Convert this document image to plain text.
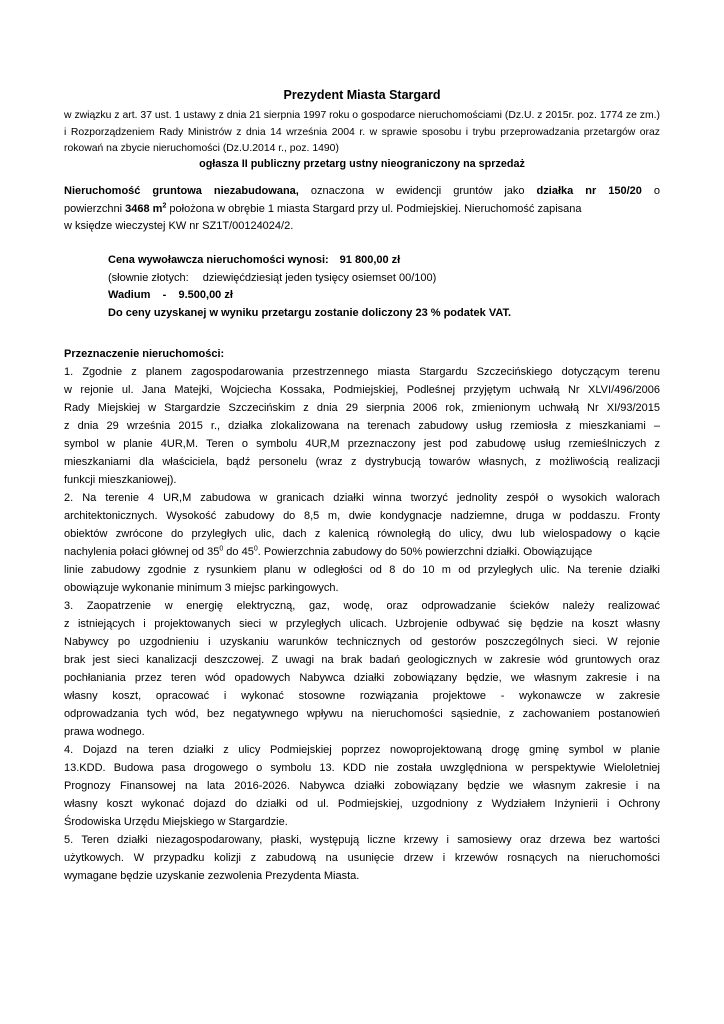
Prezydent Miasta Stargard
w związku z art. 37 ust. 1 ustawy z dnia 21 sierpnia 1997 roku o gospodarce nieruchomościami (Dz.U. z 2015r. poz. 1774 ze zm.) i Rozporządzeniem Rady Ministrów z dnia 14 września 2004 r. w sprawie sposobu i trybu przeprowadzania przetargów oraz rokowań na zbycie nieruchomości (Dz.U.2014 r., poz. 1490)
ogłasza II publiczny przetarg ustny nieograniczony na sprzedaż
Nieruchomość gruntowa niezabudowana, oznaczona w ewidencji gruntów jako działka nr 150/20 o
powierzchni 3468 $m^2$ położona w obrębie 1 miasta Stargard przy ul. Podmiejskiej. Nieruchomość zapisana
w księdze wieczystej KW nr SZ1T/00124024/2.
Cena wywoławcza nieruchomości wynosi: 91 800,00 zł
(słownie złotych: dziewięćdziesiąt jeden tysięcy osiemset 00/100)
Wadium    -    9.500,00 zł
Do ceny uzyskanej w wyniku przetargu zostanie doliczony 23 % podatek VAT.
Przeznaczenie nieruchomości:
1. Zgodnie z planem zagospodarowania przestrzennego miasta Stargardu Szczecińskiego dotyczącym terenu
w rejonie ul. Jana Matejki, Wojciecha Kossaka, Podmiejskiej, Podleśnej przyjętym uchwałą Nr XLVI/496/2006
Rady Miejskiej w Stargardzie Szczecińskim z dnia 29 sierpnia 2006 rok, zmienionym uchwałą Nr XI/93/2015
z dnia 29 września 2015 r., działka zlokalizowana na terenach zabudowy usług rzemiosła z mieszkaniami –
symbol w planie 4UR,M. Teren o symbolu 4UR,M przeznaczony jest pod zabudowę usług rzemieślniczych z
mieszkaniami dla właściciela, bądź personelu (wraz z dystrybucją towarów własnych, z możliwością realizacji
funkcji mieszkaniowej).
2. Na terenie 4 UR,M zabudowa w granicach działki winna tworzyć jednolity zespół o wysokich walorach
architektonicznych. Wysokość zabudowy do 8,5 m, dwie kondygnacje nadziemne, druga w poddaszu. Fronty
obiektów zwrócone do przyległych ulic, dach z kalenicą równoległą do ulicy, dwu lub wielospadowy o kącie
nachylenia połaci głównej od $35^0$ do $45^0$. Powierzchnia zabudowy do 50% powierzchni działki. Obowiązujące
linie zabudowy zgodnie z rysunkiem planu w odległości od 8 do 10 m od przyległych ulic. Na terenie działki
obowiązuje wykonanie minimum 3 miejsc parkingowych.
3. Zaopatrzenie w energię elektryczną, gaz, wodę, oraz odprowadzanie ścieków należy realizować
z istniejących i projektowanych sieci w przyległych ulicach. Uzbrojenie odbywać się będzie na koszt własny
Nabywcy po uzgodnieniu i uzyskaniu warunków technicznych od gestorów poszczególnych sieci. W rejonie
brak jest sieci kanalizacji deszczowej. Z uwagi na brak badań geologicznych w zakresie wód gruntowych oraz
pochłaniania przez teren wód opadowych Nabywca działki zobowiązany będzie, we własnym zakresie i na
własny koszt, opracować i wykonać stosowne rozwiązania projektowe - wykonawcze w zakresie
odprowadzania tych wód, bez negatywnego wpływu na nieruchomości sąsiednie, z zachowaniem postanowień
prawa wodnego.
4. Dojazd na teren działki z ulicy Podmiejskiej poprzez nowoprojektowaną drogę gminę symbol w planie
13.KDD. Budowa pasa drogowego o symbolu 13. KDD nie została uwzględniona w perspektywie Wieloletniej
Prognozy Finansowej na lata 2016-2026. Nabywca działki zobowiązany będzie we własnym zakresie i na
własny koszt wykonać dojazd do działki od ul. Podmiejskiej, uzgodniony z Wydziałem Inżynierii i Ochrony
Środowiska Urzędu Miejskiego w Stargardzie.
5. Teren działki niezagospodarowany, płaski, występują liczne krzewy i samosiewy oraz drzewa bez wartości
użytkowych. W przypadku kolizji z zabudową na usunięcie drzew i krzewów rosnących na nieruchomości
wymagane będzie uzyskanie zezwolenia Prezydenta Miasta.
